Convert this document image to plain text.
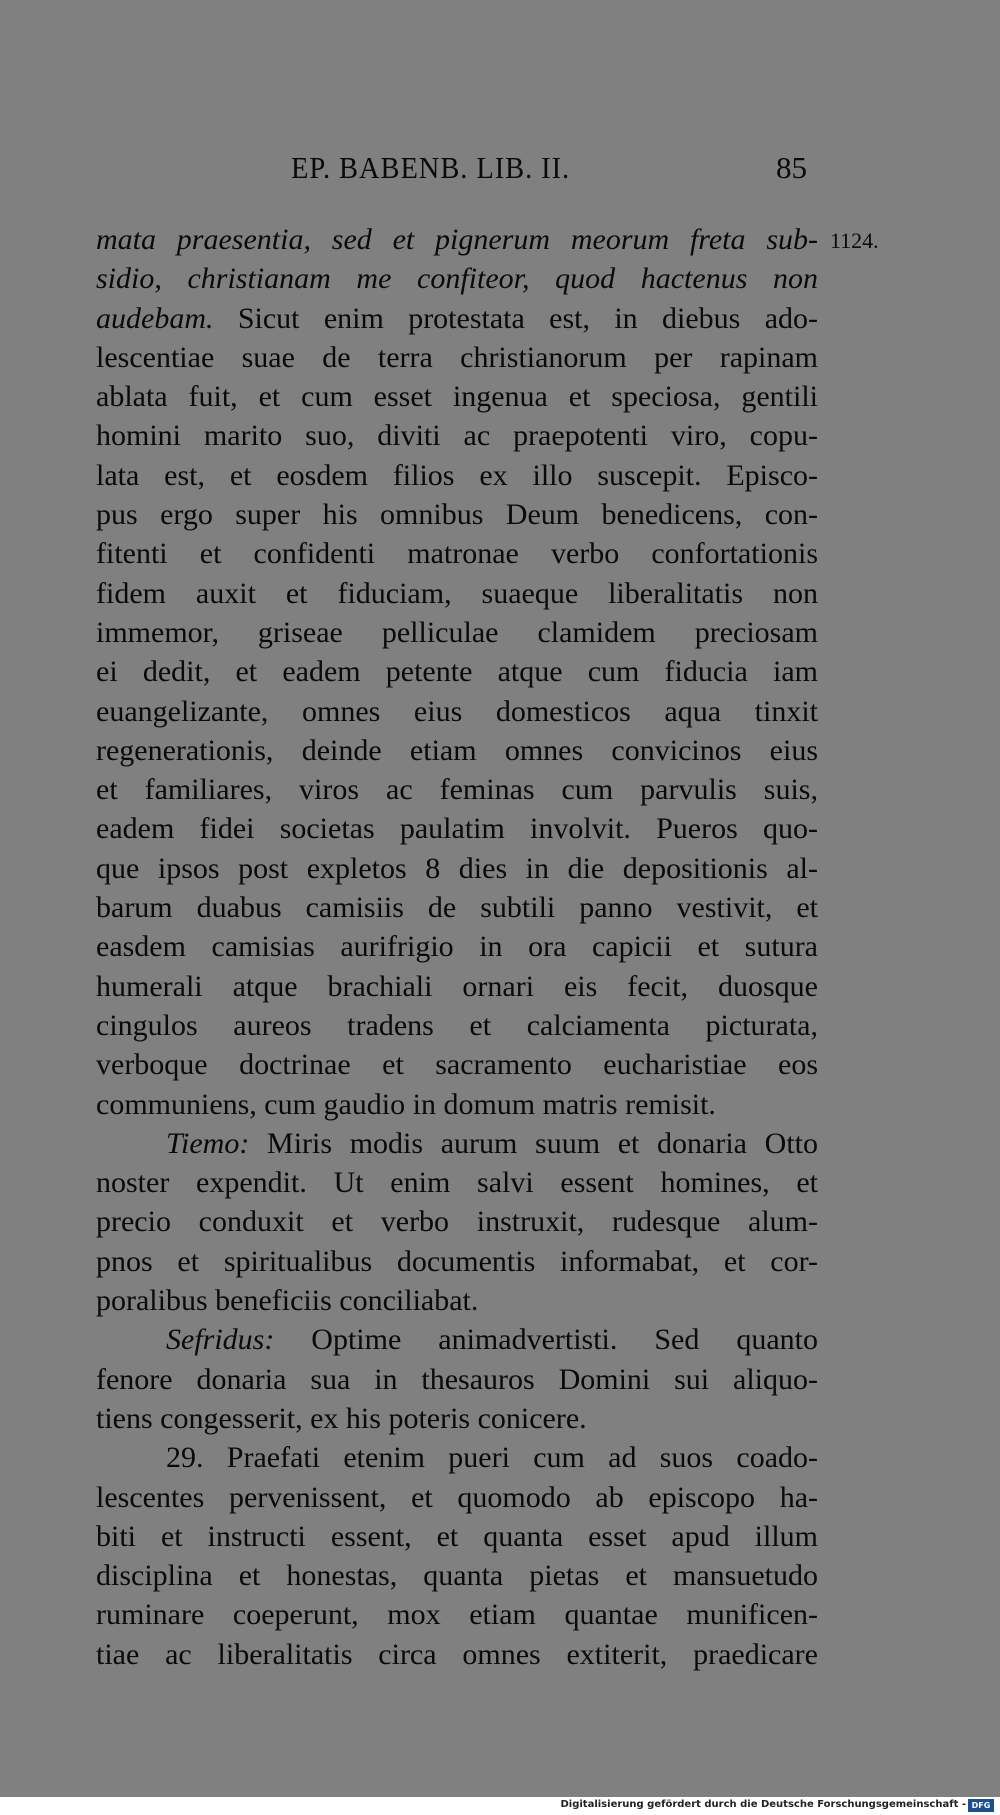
EP. BABENB. LIB. II.	85
1124.
mata praesentia, sed et pignerum meorum freta sub-
sidio, christianam me confiteor, quod hactenus non
audebam. Sicut enim protestata est, in diebus ado-
lescentiae suae de terra christianorum per rapinam
ablata fuit, et cum esset ingenua et speciosa, gentili
homini marito suo, diviti ac praepotenti viro, copu-
lata est, et eosdem filios ex illo suscepit. Episco-
pus ergo super his omnibus Deum benedicens, con-
fitenti et confidenti matronae verbo confortationis
fidem auxit et fiduciam, suaeque liberalitatis non
immemor, griseae pelliculae clamidem preciosam
ei dedit, et eadem petente atque cum fiducia iam
euangelizante, omnes eius domesticos aqua tinxit
regenerationis, deinde etiam omnes convicinos eius
et familiares, viros ac feminas cum parvulis suis,
eadem fidei societas paulatim involvit. Pueros quo-
que ipsos post expletos 8 dies in die depositionis al-
barum duabus camisiis de subtili panno vestivit, et
easdem camisias aurifrigio in ora capicii et sutura
humerali atque brachiali ornari eis fecit, duosque
cingulos aureos tradens et calciamenta picturata,
verboque doctrinae et sacramento eucharistiae eos
communiens, cum gaudio in domum matris remisit.
Tiemo: Miris modis aurum suum et donaria Otto
noster expendit. Ut enim salvi essent homines, et
precio conduxit et verbo instruxit, rudesque alum-
pnos et spiritualibus documentis informabat, et cor-
poralibus beneficiis conciliabat.
Sefridus: Optime animadvertisti. Sed quanto
fenore donaria sua in thesauros Domini sui aliquo-
tiens congesserit, ex his poteris conicere.
29. Praefati etenim pueri cum ad suos coado-
lescentes pervenissent, et quomodo ab episcopo ha-
biti et instructi essent, et quanta esset apud illum
disciplina et honestas, quanta pietas et mansuetudo
ruminare coeperunt, mox etiam quantae munificen-
tiae ac liberalitatis circa omnes extiterit, praedicare
Digitalisierung gefördert durch die Deutsche Forschungsgemeinschaft - DFG
